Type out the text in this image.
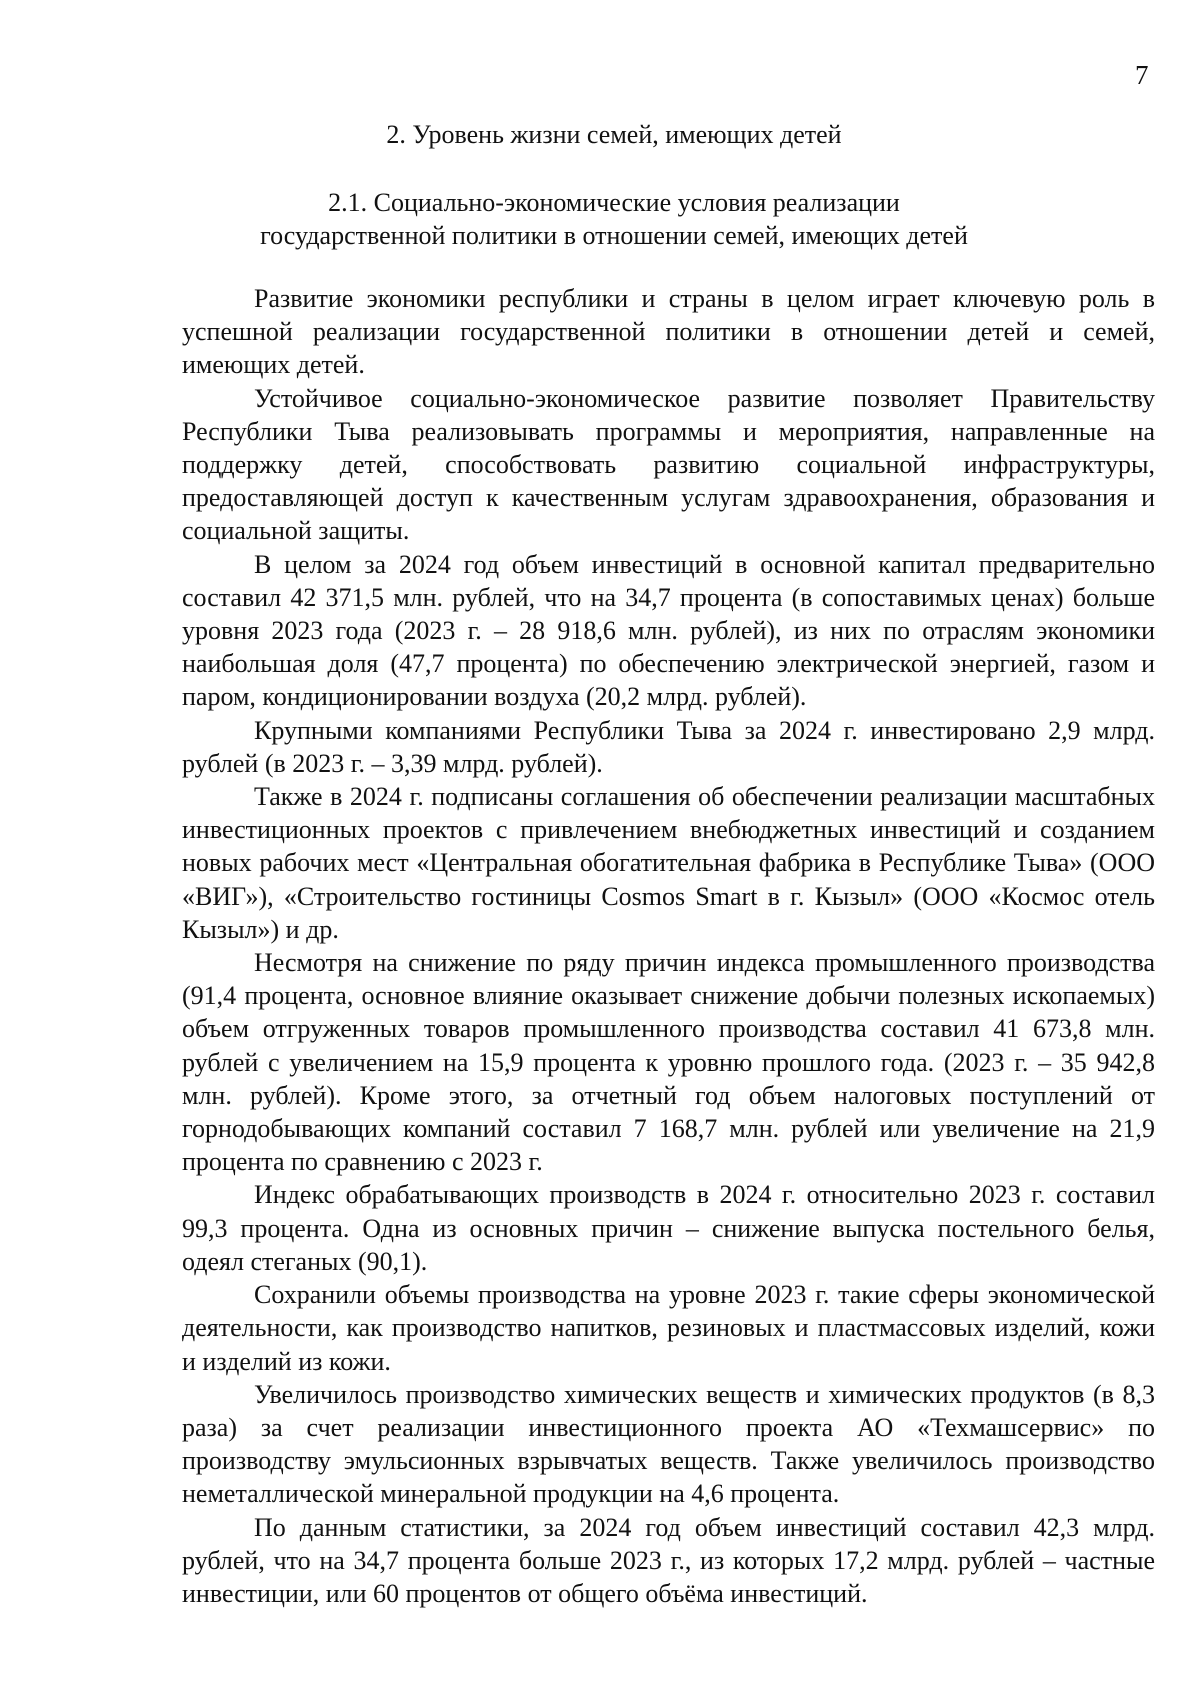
7
2. Уровень жизни семей, имеющих детей
2.1. Социально-экономические условия реализации
государственной политики в отношении семей, имеющих детей

Развитие экономики республики и страны в целом играет ключевую роль в успешной реализации государственной политики в отношении детей и семей, имеющих детей.

Устойчивое социально-экономическое развитие позволяет Правительству Республики Тыва реализовывать программы и мероприятия, направленные на поддержку детей, способствовать развитию социальной инфраструктуры, предоставляющей доступ к качественным услугам здравоохранения, образования и социальной защиты.

В целом за 2024 год объем инвестиций в основной капитал предварительно составил 42 371,5 млн. рублей, что на 34,7 процента (в сопоставимых ценах) больше уровня 2023 года (2023 г. – 28 918,6 млн. рублей), из них по отраслям экономики наибольшая доля (47,7 процента) по обеспечению электрической энергией, газом и паром, кондиционировании воздуха (20,2 млрд. рублей).

Крупными компаниями Республики Тыва за 2024 г. инвестировано 2,9 млрд. рублей (в 2023 г. – 3,39 млрд. рублей).

Также в 2024 г. подписаны соглашения об обеспечении реализации масштабных инвестиционных проектов с привлечением внебюджетных инвестиций и созданием новых рабочих мест «Центральная обогатительная фабрика в Республике Тыва» (ООО «ВИГ»), «Строительство гостиницы Cosmos Smart в г. Кызыл» (ООО «Космос отель Кызыл») и др.

Несмотря на снижение по ряду причин индекса промышленного производства (91,4 процента, основное влияние оказывает снижение добычи полезных ископаемых) объем отгруженных товаров промышленного производства составил 41 673,8 млн. рублей с увеличением на 15,9 процента к уровню прошлого года. (2023 г. – 35 942,8 млн. рублей). Кроме этого, за отчетный год объем налоговых поступлений от горнодобывающих компаний составил 7 168,7 млн. рублей или увеличение на 21,9 процента по сравнению с 2023 г.

Индекс обрабатывающих производств в 2024 г. относительно 2023 г. составил 99,3 процента. Одна из основных причин – снижение выпуска постельного белья, одеял стеганых (90,1).

Сохранили объемы производства на уровне 2023 г. такие сферы экономической деятельности, как производство напитков, резиновых и пластмассовых изделий, кожи и изделий из кожи.

Увеличилось производство химических веществ и химических продуктов (в 8,3 раза) за счет реализации инвестиционного проекта АО «Техмашсервис» по производству эмульсионных взрывчатых веществ. Также увеличилось производство неметаллической минеральной продукции на 4,6 процента.

По данным статистики, за 2024 год объем инвестиций составил 42,3 млрд. рублей, что на 34,7 процента больше 2023 г., из которых 17,2 млрд. рублей – частные инвестиции, или 60 процентов от общего объёма инвестиций.
